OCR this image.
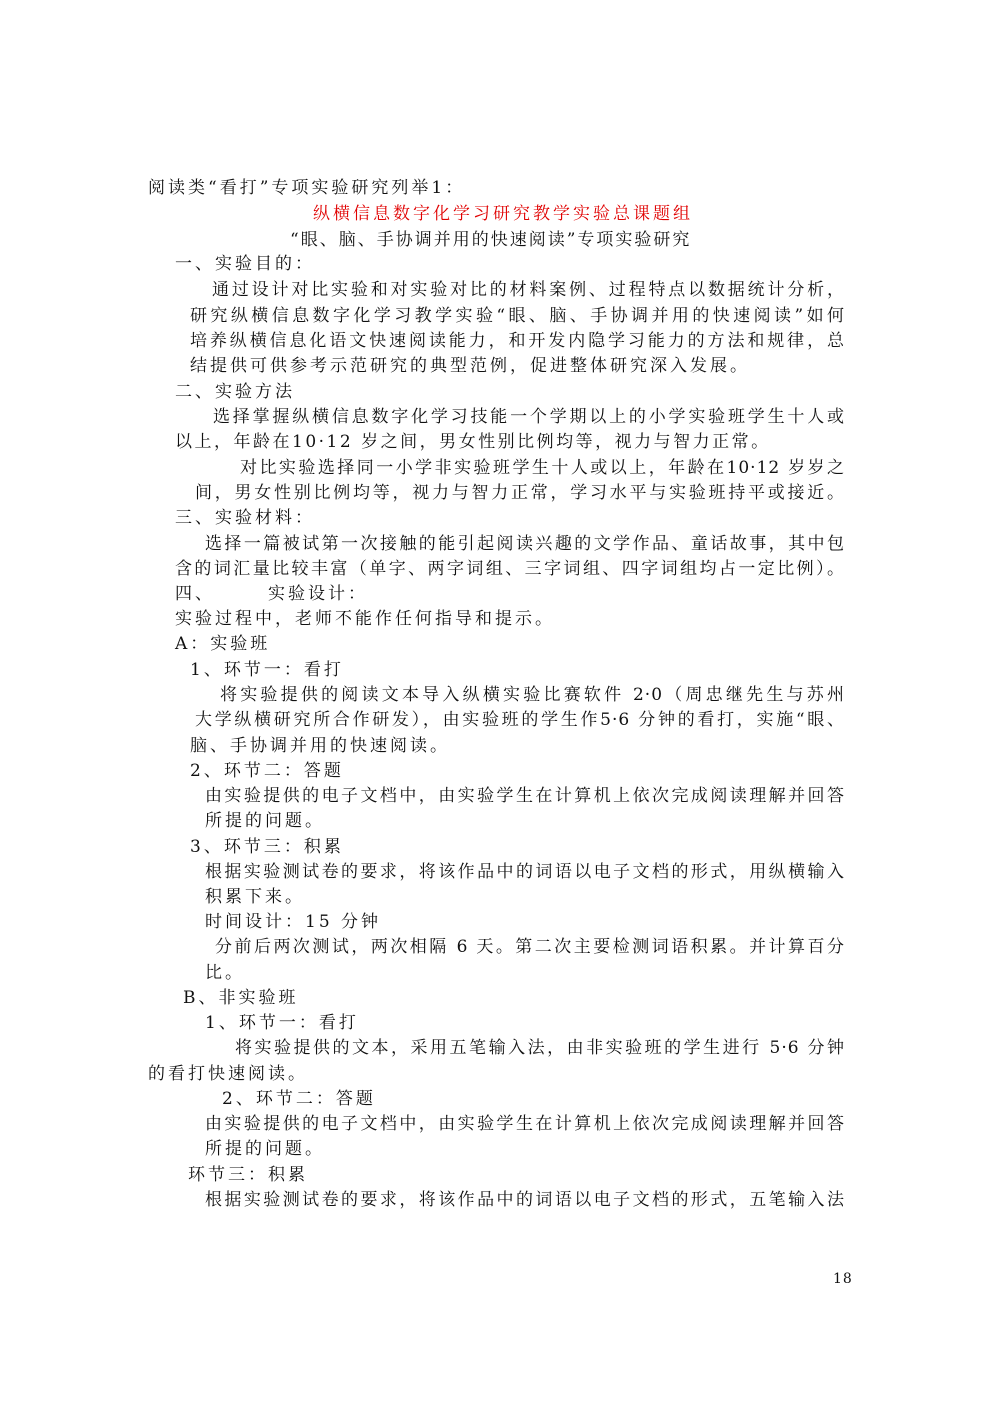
阅读类“看打”专项实验研究列举1：
纵横信息数字化学习研究教学实验总课题组
“眼、脑、手协调并用的快速阅读”专项实验研究
一、实验目的：
通过设计对比实验和对实验对比的材料案例、过程特点以数据统计分析，
研究纵横信息数字化学习教学实验“眼、脑、手协调并用的快速阅读”如何
培养纵横信息化语文快速阅读能力，和开发内隐学习能力的方法和规律，总
结提供可供参考示范研究的典型范例，促进整体研究深入发展。
二、实验方法
选择掌握纵横信息数字化学习技能一个学期以上的小学实验班学生十人或
以上，年龄在10·12 岁之间，男女性别比例均等，视力与智力正常。
对比实验选择同一小学非实验班学生十人或以上，年龄在10·12 岁岁之
间，男女性别比例均等，视力与智力正常，学习水平与实验班持平或接近。
三、实验材料：
选择一篇被试第一次接触的能引起阅读兴趣的文学作品、童话故事，其中包
含的词汇量比较丰富（单字、两字词组、三字词组、四字词组均占一定比例）。
四、	实验设计：
实验过程中，老师不能作任何指导和提示。
A：实验班
1、环节一：看打
将实验提供的阅读文本导入纵横实验比赛软件 2·0（周忠继先生与苏州
大学纵横研究所合作研发），由实验班的学生作5·6 分钟的看打，实施“眼、
脑、手协调并用的快速阅读。
2、环节二：答题
由实验提供的电子文档中，由实验学生在计算机上依次完成阅读理解并回答
所提的问题。
3、环节三：积累
根据实验测试卷的要求，将该作品中的词语以电子文档的形式，用纵横输入
积累下来。
时间设计：15 分钟
分前后两次测试，两次相隔 6 天。第二次主要检测词语积累。并计算百分
比。
B、非实验班
1、环节一：看打
将实验提供的文本，采用五笔输入法，由非实验班的学生进行 5·6 分钟
的看打快速阅读。
2、环节二：答题
由实验提供的电子文档中，由实验学生在计算机上依次完成阅读理解并回答
所提的问题。
环节三：积累
根据实验测试卷的要求，将该作品中的词语以电子文档的形式，五笔输入法
18
